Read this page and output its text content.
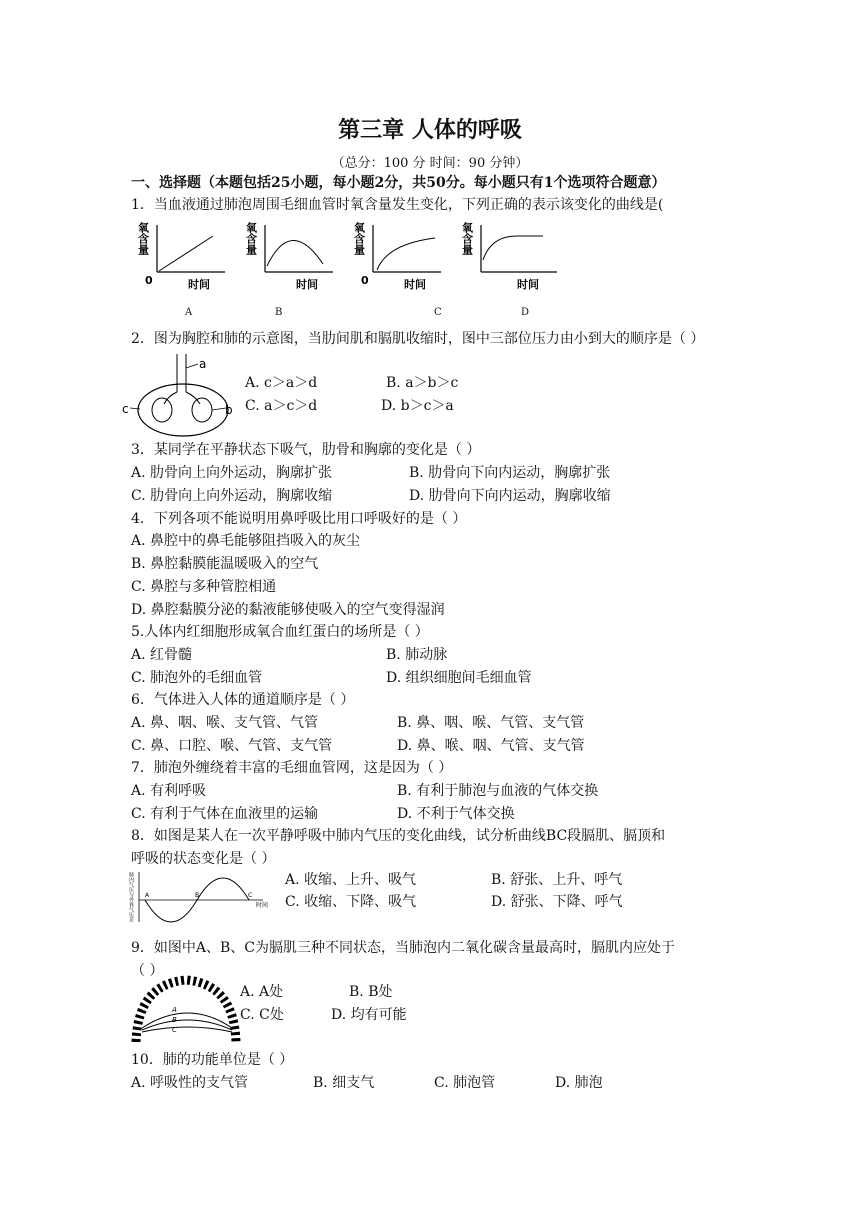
第三章 人体的呼吸
（总分：100 分 时间：90 分钟）
一、选择题（本题包括25小题，每小题2分，共50分。每小题只有1个选项符合题意）
1．当血液通过肺泡周围毛细血管时氧含量发生变化，下列正确的表示该变化的曲线是(
氧含量
0	时间
氧含量
时间
氧含量
0	时间
氧含量
时间
A	B	C	D
2．图为胸腔和肺的示意图，当肋间肌和膈肌收缩时，图中三部位压力由小到大的顺序是（ ）
a
b
c
A. c＞a＞d	B. a＞b＞c
C. a＞c＞d	D. b＞c＞a
3．某同学在平静状态下吸气，肋骨和胸廓的变化是（ ）
A. 肋骨向上向外运动，胸廓扩张	B. 肋骨向下向内运动，胸廓扩张
C. 肋骨向上向外运动，胸廓收缩	D. 肋骨向下向内运动，胸廓收缩
4．下列各项不能说明用鼻呼吸比用口呼吸好的是（ ）
A. 鼻腔中的鼻毛能够阻挡吸入的灰尘
B. 鼻腔黏膜能温暖吸入的空气
C. 鼻腔与多种管腔相通
D. 鼻腔黏膜分泌的黏液能够使吸入的空气变得湿润
5.人体内红细胞形成氧合血红蛋白的场所是（ ）
A. 红骨髓	B. 肺动脉
C. 肺泡外的毛细血管	D. 组织细胞间毛细血管
6．气体进入人体的通道顺序是（ ）
A. 鼻、咽、喉、支气管、气管	B. 鼻、咽、喉、气管、支气管
C. 鼻、口腔、喉、气管、支气管	D. 鼻、喉、咽、气管、支气管
7．肺泡外缠绕着丰富的毛细血管网，这是因为（ ）
A. 有利呼吸	B. 有利于肺泡与血液的气体交换
C. 有利于气体在血液里的运输	D. 不利于气体交换
8．如图是某人在一次平静呼吸中肺内气压的变化曲线，试分析曲线BC段膈肌、膈顶和
呼吸的状态变化是（ ）
肺内气压与外界气压差 A	B	C
时间
A. 收缩、上升、吸气	B. 舒张、上升、呼气
C. 收缩、下降、吸气	D. 舒张、下降、呼气
9．如图中A、B、C为膈肌三种不同状态，当肺泡内二氧化碳含量最高时，膈肌内应处于
（ ）
A
B
C
A. A处	B. B处
C. C处	D. 均有可能
10．肺的功能单位是（ ）
A. 呼吸性的支气管	B. 细支气	C. 肺泡管	D. 肺泡
